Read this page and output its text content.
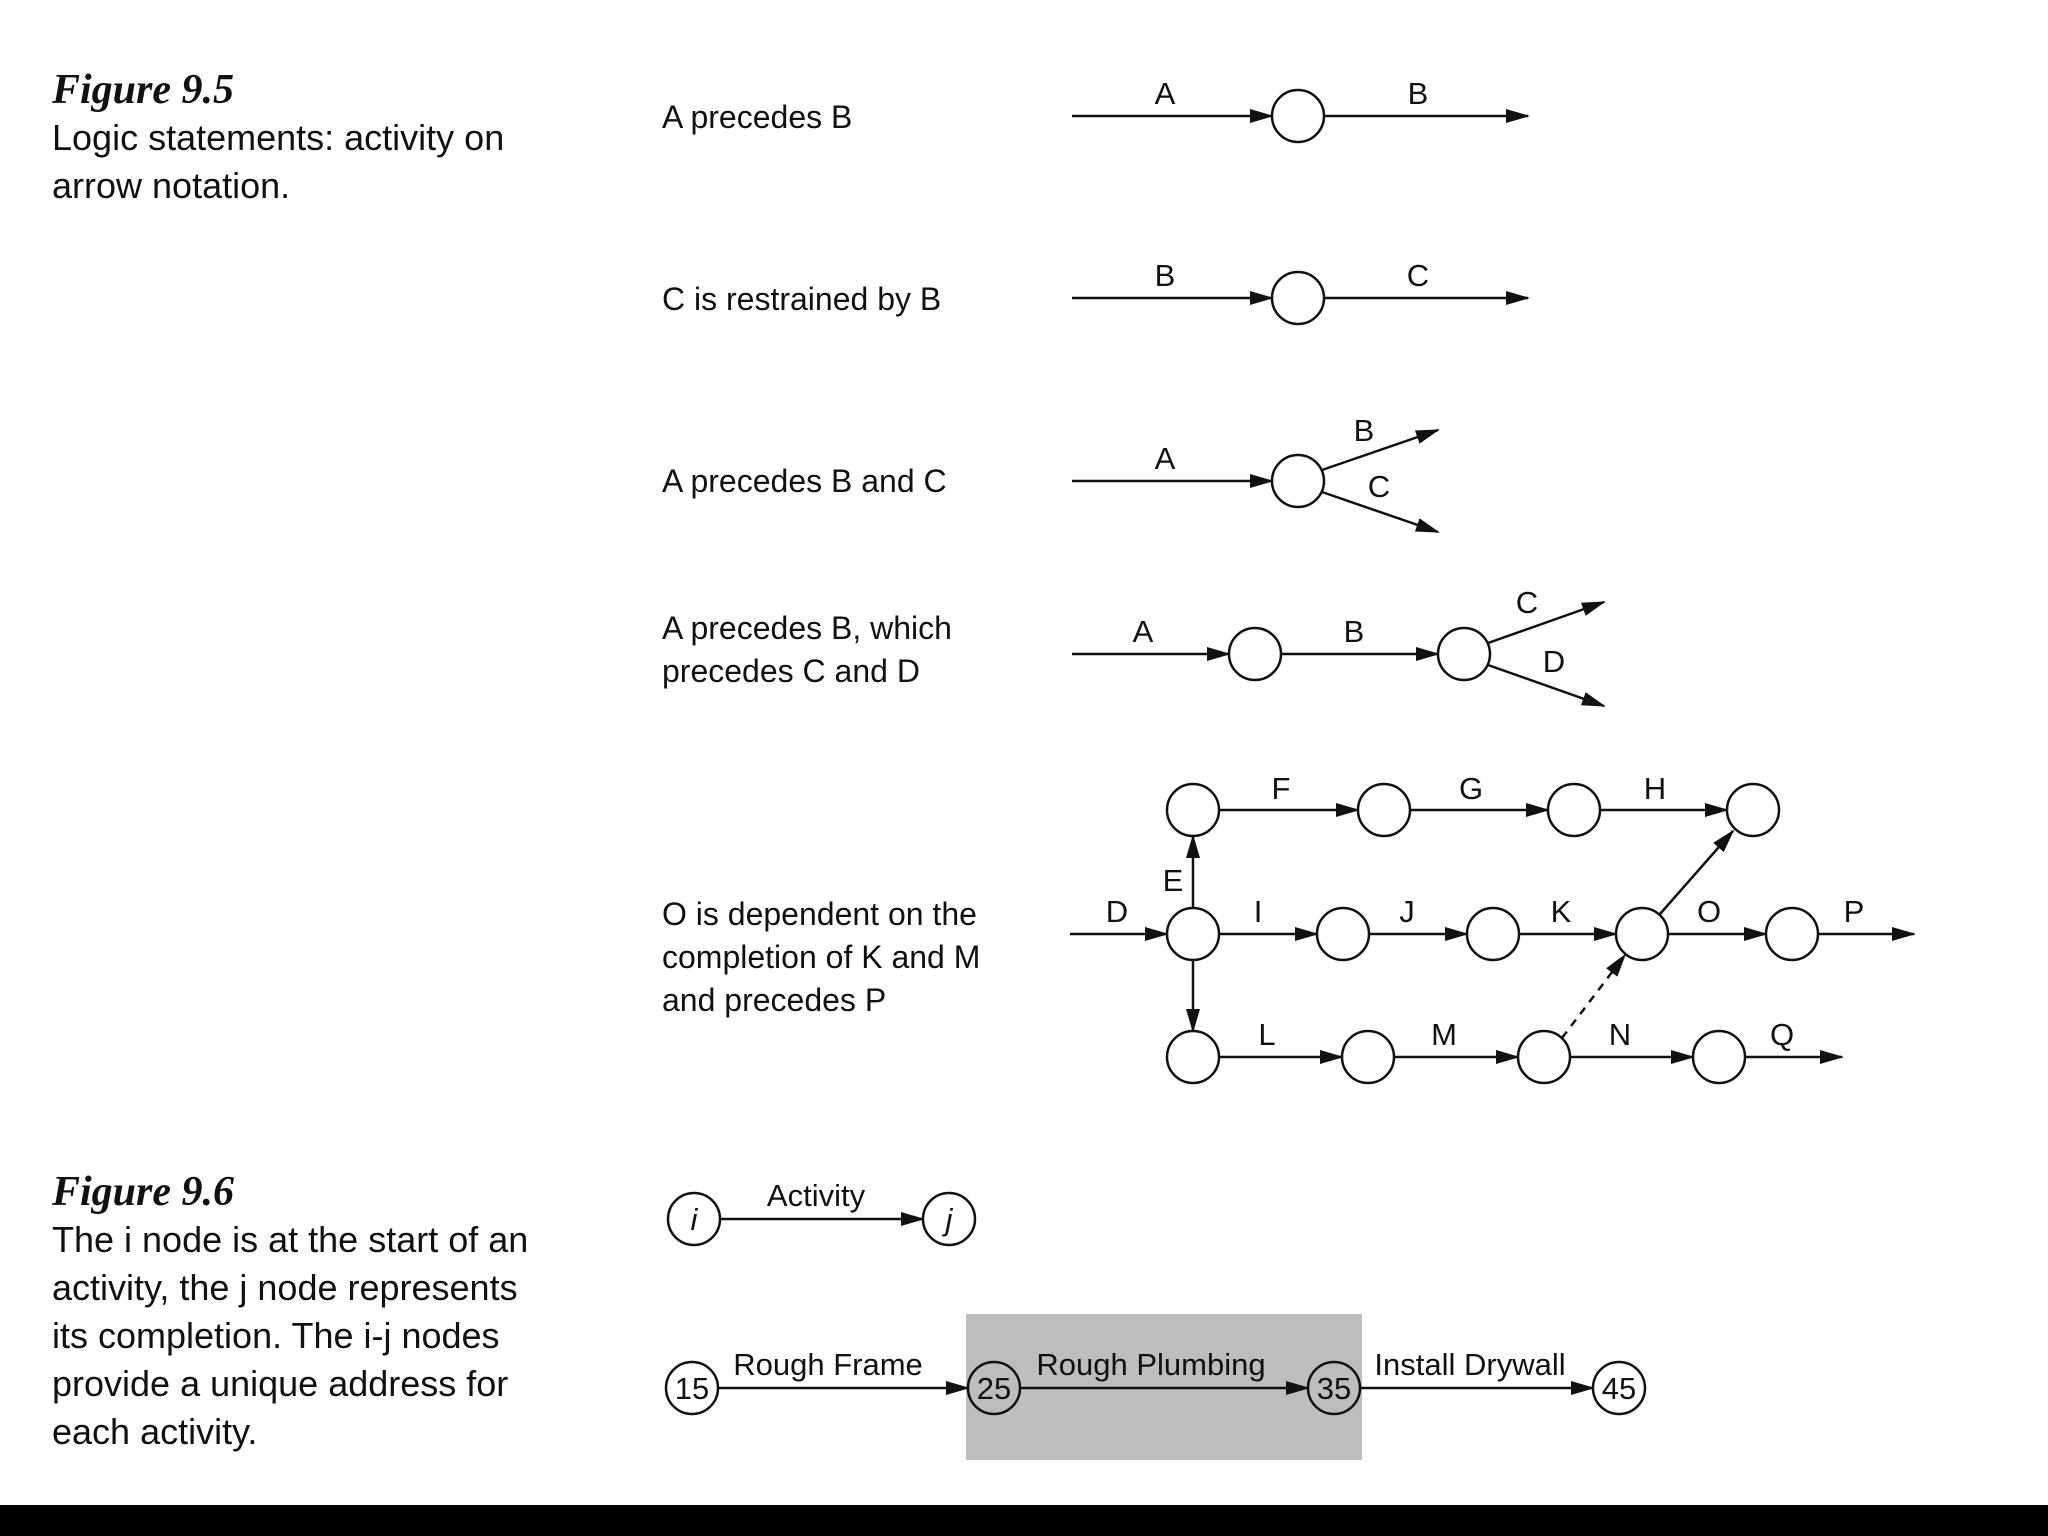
Figure 9.5
Logic statements: activity on
arrow notation.
Figure 9.6
The i node is at the start of an
activity, the j node represents
its completion. The i-j nodes
provide a unique address for
each activity.
A precedes B
C is restrained by B
A precedes B and C
A precedes B, which
precedes C and D
O is dependent on the
completion of K and M
and precedes P
A	B
B	C
A
B
C
A	B
C
D
D
E
F	G	H
I	J	K
L	M	N
O	P
Q
i
Activity
j
15	25	35	45
Rough Frame	Rough Plumbing	Install Drywall
